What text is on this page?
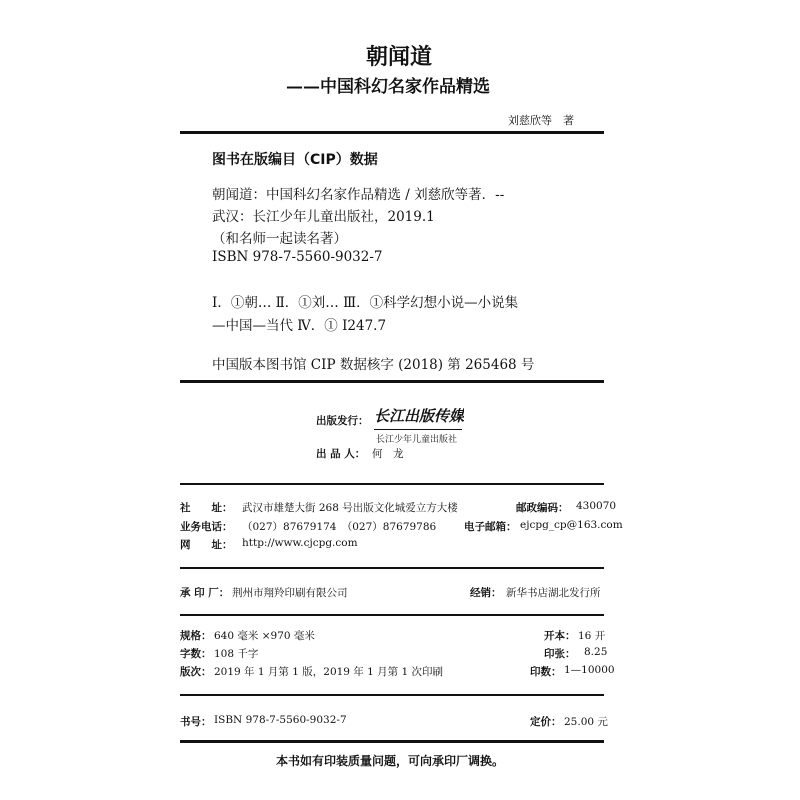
朝闻道
——中国科幻名家作品精选
刘慈欣等　著
图书在版编目（CIP）数据
朝闻道：中国科幻名家作品精选 / 刘慈欣等著．--
武汉：长江少年儿童出版社，2019.1
（和名师一起读名著）
ISBN 978-7-5560-9032-7
Ⅰ．①朝… Ⅱ．①刘… Ⅲ．①科学幻想小说—小说集
—中国—当代 Ⅳ．① I247.7
中国版本图书馆 CIP 数据核字 (2018) 第 265468 号
出版发行： 长江出版传媒
长江少年儿童出版社
出 品 人： 何　龙
社　　址： 武汉市雄楚大街 268 号出版文化城爱立方大楼	邮政编码： 430070
业务电话： （027）87679174　（027）87679786	电子邮箱： ejcpg_cp@163.com
网　　址： http://www.cjcpg.com
承 印 厂： 荆州市翔羚印刷有限公司	经销： 新华书店湖北发行所
规格： 640 毫米 ×970 毫米	开本： 16 开
字数： 108 千字	印张： 8.25
版次： 2019 年 1 月第 1 版，2019 年 1 月第 1 次印刷	印数： 1—10000
书号： ISBN 978-7-5560-9032-7	定价： 25.00 元
本书如有印装质量问题，可向承印厂调换。
